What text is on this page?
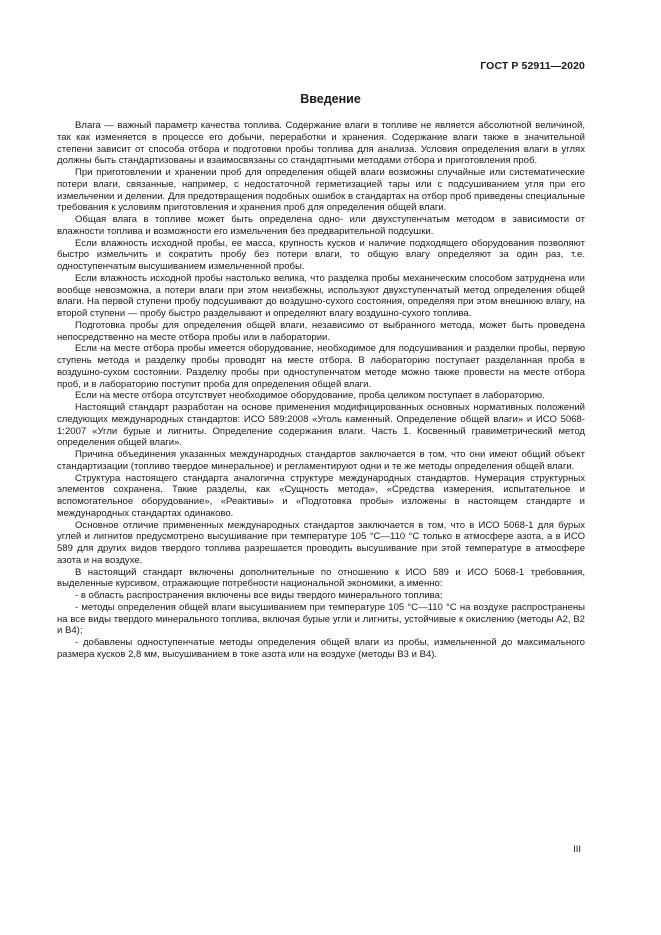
ГОСТ Р 52911—2020
Введение

Влага — важный параметр качества топлива. Содержание влаги в топливе не является абсолютной величиной, так как изменяется в процессе его добычи, переработки и хранения. Содержание влаги также в значительной степени зависит от способа отбора и подготовки пробы топлива для анализа. Условия определения влаги в углях должны быть стандартизованы и взаимосвязаны со стандартными методами отбора и приготовления проб.

При приготовлении и хранении проб для определения общей влаги возможны случайные или систематические потери влаги, связанные, например, с недостаточной герметизацией тары или с подсушиванием угля при его измельчении и делении. Для предотвращения подобных ошибок в стандартах на отбор проб приведены специальные требования к условиям приготовления и хранения проб для определения общей влаги.

Общая влага в топливе может быть определена одно- или двухступенчатым методом в зависимости от влажности топлива и возможности его измельчения без предварительной подсушки.

Если влажность исходной пробы, ее масса, крупность кусков и наличие подходящего оборудования позволяют быстро измельчить и сократить пробу без потери влаги, то общую влагу определяют за один раз, т.е. одноступенчатым высушиванием измельченной пробы.

Если влажность исходной пробы настолько велика, что разделка пробы механическим способом затруднена или вообще невозможна, а потери влаги при этом неизбежны, используют двухступенчатый метод определения общей влаги. На первой ступени пробу подсушивают до воздушно-сухого состояния, определяя при этом внешнюю влагу, на второй ступени — пробу быстро разделывают и определяют влагу воздушно-сухого топлива.

Подготовка пробы для определения общей влаги, независимо от выбранного метода, может быть проведена непосредственно на месте отбора пробы или в лаборатории.

Если на месте отбора пробы имеется оборудование, необходимое для подсушивания и разделки пробы, первую ступень метода и разделку пробы проводят на месте отбора. В лабораторию поступает разделанная проба в воздушно-сухом состоянии. Разделку пробы при одноступенчатом методе можно также провести на месте отбора проб, и в лабораторию поступит проба для определения общей влаги.

Если на месте отбора отсутствует необходимое оборудование, проба целиком поступает в лабораторию.

Настоящий стандарт разработан на основе применения модифицированных основных нормативных положений следующих международных стандартов: ИСО 589:2008 «Уголь каменный. Определение общей влаги» и ИСО 5068-1:2007 «Угли бурые и лигниты. Определение содержания влаги. Часть 1. Косвенный гравиметрический метод определения общей влаги».

Причина объединения указанных международных стандартов заключается в том, что они имеют общий объект стандартизации (топливо твердое минеральное) и регламентируют одни и те же методы определения общей влаги.

Структура настоящего стандарта аналогична структуре международных стандартов. Нумерация структурных элементов сохранена. Такие разделы, как «Сущность метода», «Средства измерения, испытательное и вспомогательное оборудование», «Реактивы» и «Подготовка пробы» изложены в настоящем стандарте и международных стандартах одинаково.

Основное отличие примененных международных стандартов заключается в том, что в ИСО 5068-1 для бурых углей и лигнитов предусмотрено высушивание при температуре 105 °С—110 °С только в атмосфере азота, а в ИСО 589 для других видов твердого топлива разрешается проводить высушивание при этой температуре в атмосфере азота и на воздухе.

В настоящий стандарт включены дополнительные по отношению к ИСО 589 и ИСО 5068-1 требования, выделенные курсивом, отражающие потребности национальной экономики, а именно:

- в область распространения включены все виды твердого минерального топлива;

- методы определения общей влаги высушиванием при температуре 105 °С—110 °С на воздухе распространены на все виды твердого минерального топлива, включая бурые угли и лигниты, устойчивые к окислению (методы А2, В2 и В4);

- добавлены одноступенчатые методы определения общей влаги из пробы, измельченной до максимального размера кусков 2,8 мм, высушиванием в токе азота или на воздухе (методы В3 и В4).

III
